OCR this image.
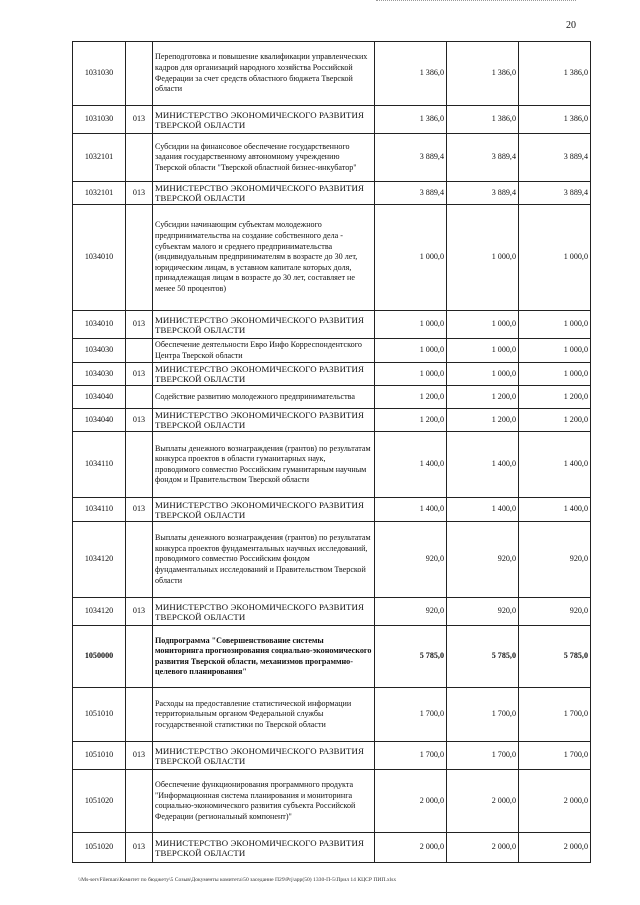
20
1031030		Переподготовка и повышение квалификации управленческих кадров для организаций народного хозяйства Российской Федерации за счет средств областного бюджета Тверской области	1 386,0	1 386,0	1 386,0
1031030	013	МИНИСТЕРСТВО ЭКОНОМИЧЕСКОГО РАЗВИТИЯ ТВЕРСКОЙ ОБЛАСТИ	1 386,0	1 386,0	1 386,0
1032101		Субсидии на финансовое обеспечение государственного задания государственному автономному учреждению Тверской области "Тверской областной бизнес-инкубатор"	3 889,4	3 889,4	3 889,4
1032101	013	МИНИСТЕРСТВО ЭКОНОМИЧЕСКОГО РАЗВИТИЯ ТВЕРСКОЙ ОБЛАСТИ	3 889,4	3 889,4	3 889,4
1034010		Субсидии начинающим субъектам молодежного предпринимательства на создание собственного дела - субъектам малого и среднего предпринимательства (индивидуальным предпринимателям в возрасте до 30 лет, юридическим лицам, в уставном капитале которых доля, принадлежащая лицам в возрасте до 30 лет, составляет не менее 50 процентов)	1 000,0	1 000,0	1 000,0
1034010	013	МИНИСТЕРСТВО ЭКОНОМИЧЕСКОГО РАЗВИТИЯ ТВЕРСКОЙ ОБЛАСТИ	1 000,0	1 000,0	1 000,0
1034030		Обеспечение деятельности Евро Инфо Корреспондентского Центра Тверской области	1 000,0	1 000,0	1 000,0
1034030	013	МИНИСТЕРСТВО ЭКОНОМИЧЕСКОГО РАЗВИТИЯ ТВЕРСКОЙ ОБЛАСТИ	1 000,0	1 000,0	1 000,0
1034040		Содействие развитию молодежного предпринимательства	1 200,0	1 200,0	1 200,0
1034040	013	МИНИСТЕРСТВО ЭКОНОМИЧЕСКОГО РАЗВИТИЯ ТВЕРСКОЙ ОБЛАСТИ	1 200,0	1 200,0	1 200,0
1034110		Выплаты денежного вознаграждения (грантов) по результатам конкурса проектов в области гуманитарных наук, проводимого совместно Российским гуманитарным научным фондом и Правительством Тверской области	1 400,0	1 400,0	1 400,0
1034110	013	МИНИСТЕРСТВО ЭКОНОМИЧЕСКОГО РАЗВИТИЯ ТВЕРСКОЙ ОБЛАСТИ	1 400,0	1 400,0	1 400,0
1034120		Выплаты денежного вознаграждения (грантов) по результатам конкурса проектов фундаментальных научных исследований, проводимого совместно Российским фондом фундаментальных исследований и Правительством Тверской области	920,0	920,0	920,0
1034120	013	МИНИСТЕРСТВО ЭКОНОМИЧЕСКОГО РАЗВИТИЯ ТВЕРСКОЙ ОБЛАСТИ	920,0	920,0	920,0
1050000		Подпрограмма "Совершенствование системы мониторинга прогнозирования социально-экономического развития Тверской области, механизмов программно- целевого планирования"	5 785,0	5 785,0	5 785,0
1051010		Расходы на предоставление статистической информации территориальным органом Федеральной службы государственной статистики по Тверской области	1 700,0	1 700,0	1 700,0
1051010	013	МИНИСТЕРСТВО ЭКОНОМИЧЕСКОГО РАЗВИТИЯ ТВЕРСКОЙ ОБЛАСТИ	1 700,0	1 700,0	1 700,0
1051020		Обеспечение функционирования программного продукта "Информационная система планирования и мониторинга социально-экономического развития субъекта Российской Федерации (региональный компонент)"	2 000,0	2 000,0	2 000,0
1051020	013	МИНИСТЕРСТВО ЭКОНОМИЧЕСКОГО РАЗВИТИЯ ТВЕРСКОЙ ОБЛАСТИ	2 000,0	2 000,0	2 000,0
\\Ms-servFileman\Комитет по бюджету\5 Созыв\Документы комитета\50 заседание П29\Prj\app(50) 1330-П-5\Прил 14 КЦСР ПИП.xlsx
